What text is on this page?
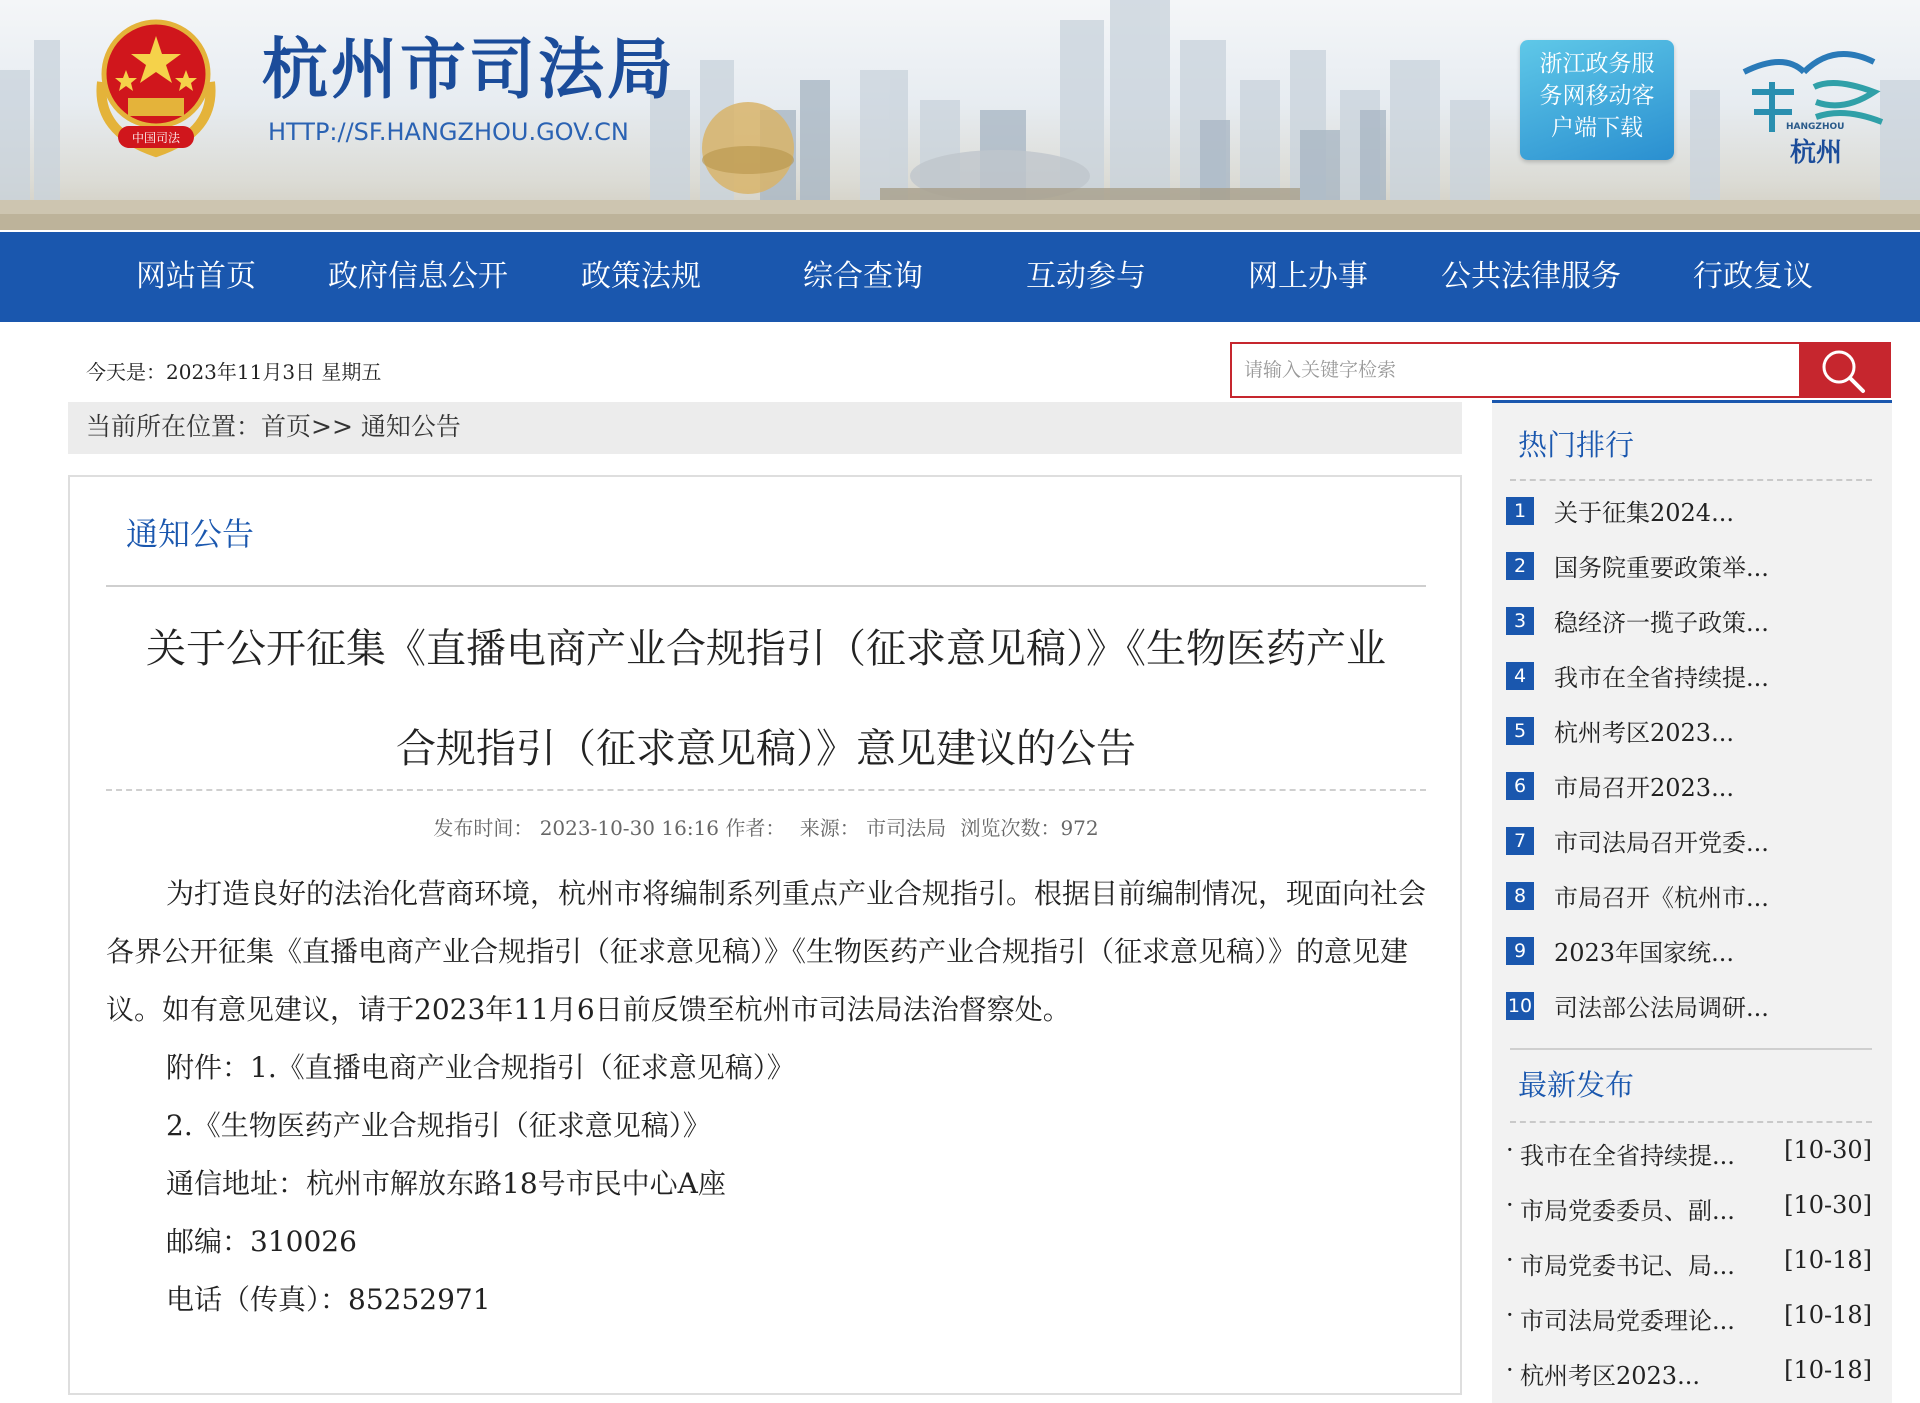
中国司法
杭州市司法局
HTTP://SF.HANGZHOU.GOV.CN
浙江政务服
务网移动客
户端下载	HANGZHOU
杭州
网站首页	政府信息公开	政策法规	综合查询	互动参与	网上办事	公共法律服务	行政复议
今天是：2023年11月3日 星期五
请输入关键字检索
当前所在位置：首页>> 通知公告
通知公告
关于公开征集《直播电商产业合规指引（征求意见稿）》《生物医药产业
合规指引（征求意见稿）》意见建议的公告
发布时间： 2023-10-30 16:16 作者： 来源： 市司法局 浏览次数：972

为打造良好的法治化营商环境，杭州市将编制系列重点产业合规指引。根据目前编制情况，现面向社会各界公开征集《直播电商产业合规指引（征求意见稿）》《生物医药产业合规指引（征求意见稿）》的意见建议。如有意见建议，请于2023年11月6日前反馈至杭州市司法局法治督察处。

附件：1.《直播电商产业合规指引（征求意见稿）》

2.《生物医药产业合规指引（征求意见稿）》

通信地址：杭州市解放东路18号市民中心A座

邮编：310026

电话（传真）：85252971

热门排行
1 关于征集2024...
2 国务院重要政策举...
3 稳经济一揽子政策...
4 我市在全省持续提...
5 杭州考区2023...
6 市局召开2023...
7 市司法局召开党委...
8 市局召开《杭州市...
9 2023年国家统...
10 司法部公法局调研...
最新发布
· 我市在全省持续提... [10-30]
· 市局党委委员、副... [10-30]
· 市局党委书记、局... [10-18]
· 市司法局党委理论... [10-18]
· 杭州考区2023...	[10-18]
